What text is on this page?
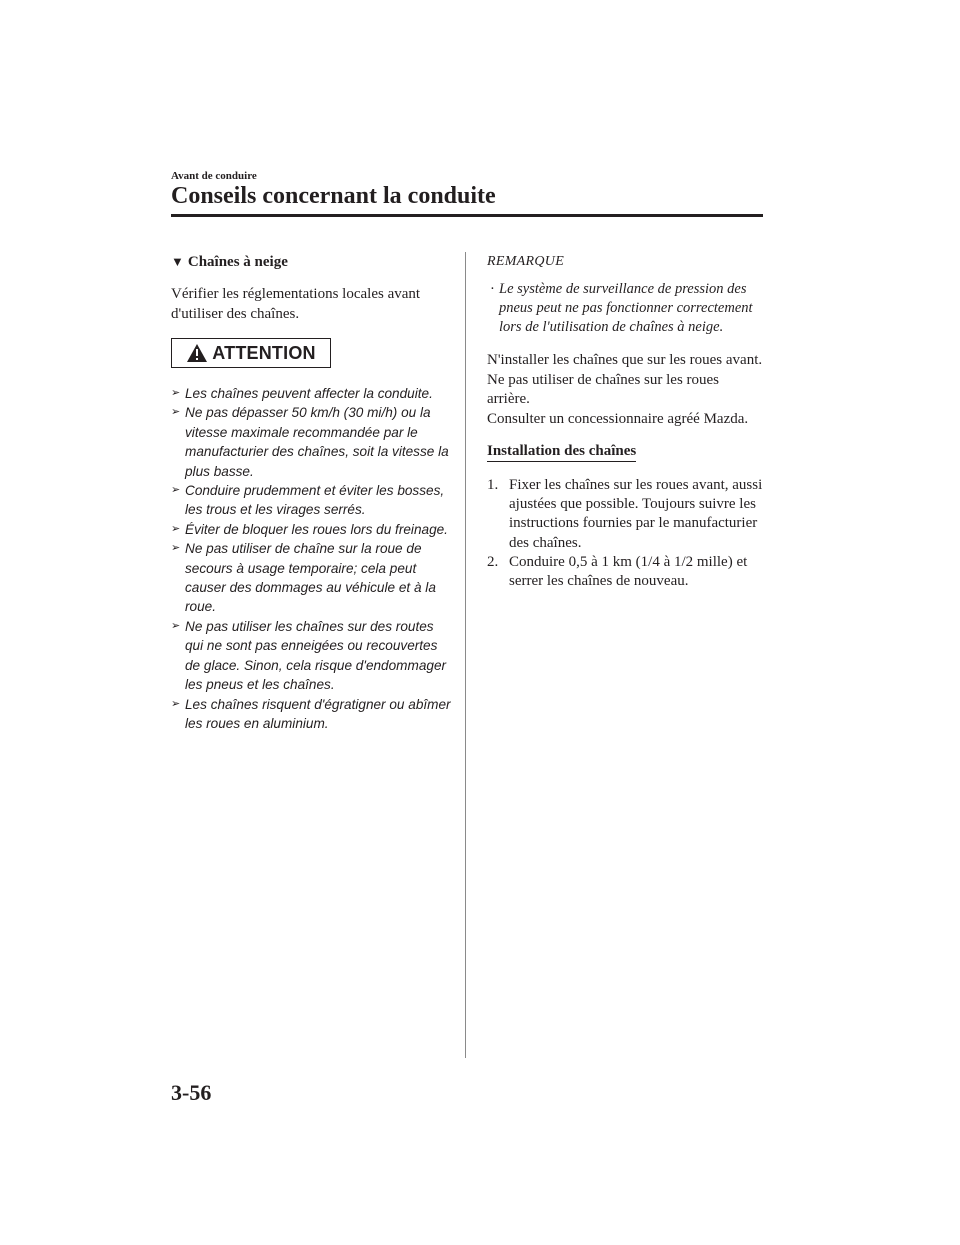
Avant de conduire
Conseils concernant la conduite

▼ Chaînes à neige

Vérifier les réglementations locales avant d'utiliser des chaînes.

ATTENTION
➢ Les chaînes peuvent affecter la conduite.
➢ Ne pas dépasser 50 km/h (30 mi/h) ou la vitesse maximale recommandée par le manufacturier des chaînes, soit la vitesse la plus basse.
➢ Conduire prudemment et éviter les bosses, les trous et les virages serrés.
➢ Éviter de bloquer les roues lors du freinage.
➢ Ne pas utiliser de chaîne sur la roue de secours à usage temporaire; cela peut causer des dommages au véhicule et à la roue.
➢ Ne pas utiliser les chaînes sur des routes qui ne sont pas enneigées ou recouvertes de glace. Sinon, cela risque d'endommager les pneus et les chaînes.
➢ Les chaînes risquent d'égratigner ou abîmer les roues en aluminium.

REMARQUE

· Le système de surveillance de pression des pneus peut ne pas fonctionner correctement lors de l'utilisation de chaînes à neige.

N'installer les chaînes que sur les roues avant.
Ne pas utiliser de chaînes sur les roues arrière.
Consulter un concessionnaire agréé Mazda.

Installation des chaînes
1. Fixer les chaînes sur les roues avant, aussi ajustées que possible. Toujours suivre les instructions fournies par le manufacturier des chaînes.
2. Conduire 0,5 à 1 km (1/4 à 1/2 mille) et serrer les chaînes de nouveau.
3-56
